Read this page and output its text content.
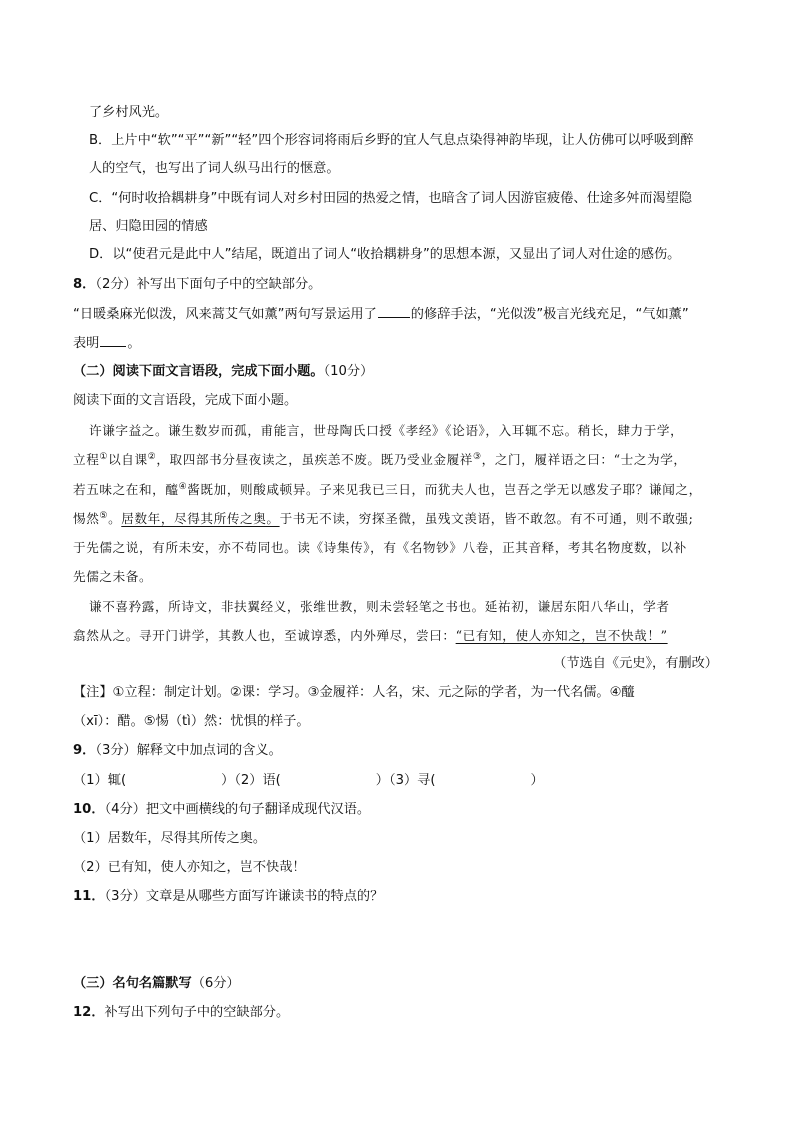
了乡村风光。
B．上片中“软”“平”“新”“轻”四个形容词将雨后乡野的宜人气息点染得神韵毕现，让人仿佛可以呼吸到醉
人的空气，也写出了词人纵马出行的惬意。
C．“何时收拾耦耕身”中既有词人对乡村田园的热爱之情，也暗含了词人因游宦疲倦、仕途多舛而渴望隐
居、归隐田园的情感
D．以“使君元是此中人”结尾，既道出了词人“收拾耦耕身”的思想本源，又显出了词人对仕途的感伤。
8．（2分）补写出下面句子中的空缺部分。
“日暖桑麻光似泼，风来蒿艾气如薰”两句写景运用了	的修辞手法，“光似泼”极言光线充足，“气如薰”
表明 。
（二）阅读下面文言语段，完成下面小题。（10分）
阅读下面的文言语段，完成下面小题。
许谦字益之。谦生数岁而孤，甫能言，世母陶氏口授《孝经》《论语》，入耳辄不忘。稍长，肆力于学，
立程①以自课②，取四部书分昼夜读之，虽疾恙不废。既乃受业金履祥③，之门，履祥语之曰：“士之为学，
若五味之在和，醯④酱既加，则酸咸顿异。子来见我已三日，而犹夫人也，岂吾之学无以感发子耶？谦闻之，
惕然⑤。居数年，尽得其所传之奥。于书无不读，穷探圣微，虽残文羡语，皆不敢忽。有不可通，则不敢强;
于先儒之说，有所未安，亦不苟同也。读《诗集传》，有《名物钞》八卷，正其音释，考其名物度数，以补
先儒之未备。
谦不喜矜露，所诗文，非扶翼经义，张维世教，则未尝轻笔之书也。延祐初，谦居东阳八华山，学者
翕然从之。寻开门讲学，其教人也，至诚谆悉，内外殚尽，尝曰：“已有知，使人亦知之，岂不快哉！”
（节选自《元史》，有删改）
【注】①立程：制定计划。②课：学习。③金履祥：人名，宋、元之际的学者，为一代名儒。④醯
（xī）：醋。⑤惕（tì）然：忧惧的样子。
9．（3分）解释文中加点词的含义。
（1）辄(	）（2）语(	）（3）寻(	）
10．（4分）把文中画横线的句子翻译成现代汉语。
（1）居数年，尽得其所传之奥。
（2）已有知，使人亦知之，岂不快哉！
11．（3分）文章是从哪些方面写许谦读书的特点的？
（三）名句名篇默写（6分）
12．补写出下列句子中的空缺部分。
